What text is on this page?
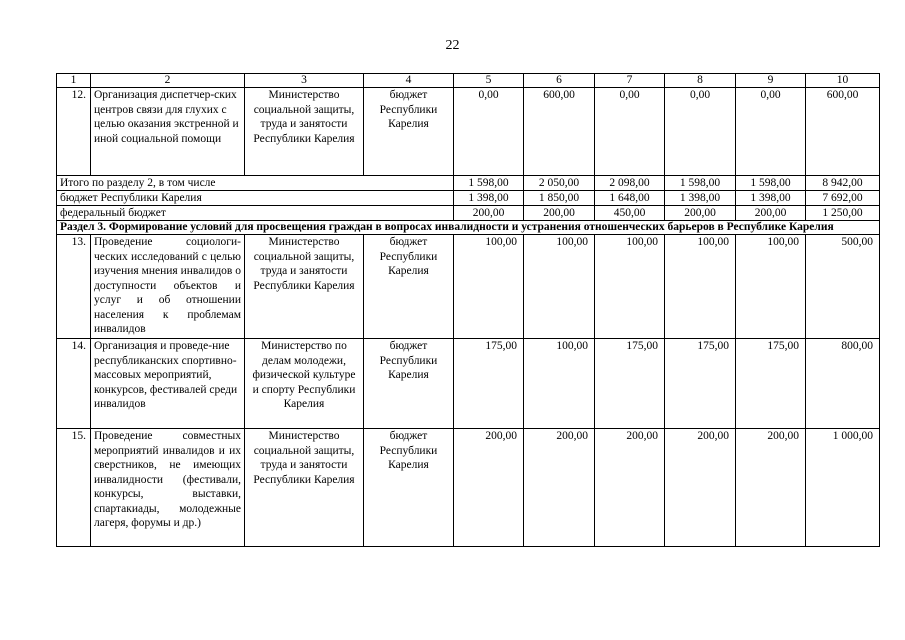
22
1	2	3	4	5	6	7	8	9	10
12.	Организация диспетчер-ских центров связи для глухих с целью оказания экстренной и иной социальной помощи	Министерство социальной защиты, труда и занятости Республики Карелия	бюджет Республики Карелия	0,00	600,00	0,00	0,00	0,00	600,00
Итого по разделу 2, в том числе				1 598,00	2 050,00	2 098,00	1 598,00	1 598,00	8 942,00
бюджет Республики Карелия				1 398,00	1 850,00	1 648,00	1 398,00	1 398,00	7 692,00
федеральный бюджет				200,00	200,00	450,00	200,00	200,00	1 250,00
Раздел 3. Формирование условий для просвещения граждан в вопросах инвалидности и устранения отношенческих барьеров в Республике Карелия									
13.	Проведение социологи-ческих исследований с целью изучения мнения инвалидов о доступности объектов и услуг и об отношении населения к проблемам инвалидов	Министерство социальной защиты, труда и занятости Республики Карелия	бюджет Республики Карелия	100,00	100,00	100,00	100,00	100,00	500,00
14.	Организация и проведе-ние республиканских спортивно-массовых мероприятий, конкурсов, фестивалей среди инвалидов	Министерство по делам молодежи, физической культуре и спорту Республики Карелия	бюджет Республики Карелия	175,00	100,00	175,00	175,00	175,00	800,00
15.	Проведение совместных мероприятий инвалидов и их сверстников, не имеющих инвалидности (фестивали, конкурсы, выставки, спартакиады, молодежные лагеря, форумы и др.)	Министерство социальной защиты, труда и занятости Республики Карелия	бюджет Республики Карелия	200,00	200,00	200,00	200,00	200,00	1 000,00
